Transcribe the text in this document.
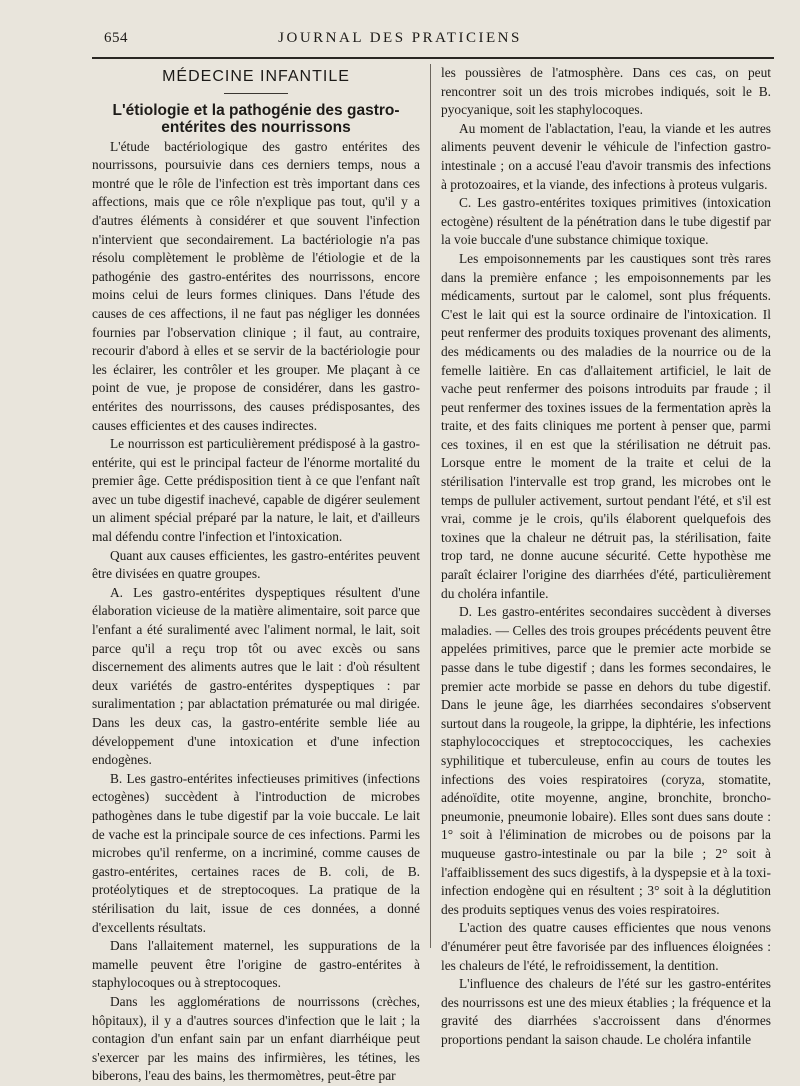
654	JOURNAL DES PRATICIENS
MÉDECINE INFANTILE
L'étiologie et la pathogénie des gastro-entérites des nourrissons

L'étude bactériologique des gastro entérites des nourrissons, poursuivie dans ces derniers temps, nous a montré que le rôle de l'infection est très important dans ces affections, mais que ce rôle n'explique pas tout, qu'il y a d'autres éléments à considérer et que souvent l'infection n'intervient que secondairement. La bactériologie n'a pas résolu complètement le problème de l'étiologie et de la pathogénie des gastro-entérites des nourrissons, encore moins celui de leurs formes cliniques. Dans l'étude des causes de ces affections, il ne faut pas négliger les données fournies par l'observation clinique ; il faut, au contraire, recourir d'abord à elles et se servir de la bactériologie pour les éclairer, les contrôler et les grouper. Me plaçant à ce point de vue, je propose de considérer, dans les gastro-entérites des nourrissons, des causes prédisposantes, des causes efficientes et des causes indirectes.

Le nourrisson est particulièrement prédisposé à la gastro-entérite, qui est le principal facteur de l'énorme mortalité du premier âge. Cette prédisposition tient à ce que l'enfant naît avec un tube digestif inachevé, capable de digérer seulement un aliment spécial préparé par la nature, le lait, et d'ailleurs mal défendu contre l'infection et l'intoxication.

Quant aux causes efficientes, les gastro-entérites peuvent être divisées en quatre groupes.

A. Les gastro-entérites dyspeptiques résultent d'une élaboration vicieuse de la matière alimentaire, soit parce que l'enfant a été suralimenté avec l'aliment normal, le lait, soit parce qu'il a reçu trop tôt ou avec excès ou sans discernement des aliments autres que le lait : d'où résultent deux variétés de gastro-entérites dyspeptiques : par suralimentation ; par ablactation prématurée ou mal dirigée. Dans les deux cas, la gastro-entérite semble liée au développement d'une intoxication et d'une infection endogènes.

B. Les gastro-entérites infectieuses primitives (infections ectogènes) succèdent à l'introduction de microbes pathogènes dans le tube digestif par la voie buccale. Le lait de vache est la principale source de ces infections. Parmi les microbes qu'il renferme, on a incriminé, comme causes de gastro-entérites, certaines races de B. coli, de B. protéolytiques et de streptocoques. La pratique de la stérilisation du lait, issue de ces données, a donné d'excellents résultats.

Dans l'allaitement maternel, les suppurations de la mamelle peuvent être l'origine de gastro-entérites à staphylocoques ou à streptocoques.

Dans les agglomérations de nourrissons (crèches, hôpitaux), il y a d'autres sources d'infection que le lait ; la contagion d'un enfant sain par un enfant diarrhéique peut s'exercer par les mains des infirmières, les tétines, les biberons, l'eau des bains, les thermomètres, peut-être par

les poussières de l'atmosphère. Dans ces cas, on peut rencontrer soit un des trois microbes indiqués, soit le B. pyocyanique, soit les staphylocoques.

Au moment de l'ablactation, l'eau, la viande et les autres aliments peuvent devenir le véhicule de l'infection gastro-intestinale ; on a accusé l'eau d'avoir transmis des infections à protozoaires, et la viande, des infections à proteus vulgaris.

C. Les gastro-entérites toxiques primitives (intoxication ectogène) résultent de la pénétration dans le tube digestif par la voie buccale d'une substance chimique toxique.

Les empoisonnements par les caustiques sont très rares dans la première enfance ; les empoisonnements par les médicaments, surtout par le calomel, sont plus fréquents. C'est le lait qui est la source ordinaire de l'intoxication. Il peut renfermer des produits toxiques provenant des aliments, des médicaments ou des maladies de la nourrice ou de la femelle laitière. En cas d'allaitement artificiel, le lait de vache peut renfermer des poisons introduits par fraude ; il peut renfermer des toxines issues de la fermentation après la traite, et des faits cliniques me portent à penser que, parmi ces toxines, il en est que la stérilisation ne détruit pas. Lorsque entre le moment de la traite et celui de la stérilisation l'intervalle est trop grand, les microbes ont le temps de pulluler activement, surtout pendant l'été, et s'il est vrai, comme je le crois, qu'ils élaborent quelquefois des toxines que la chaleur ne détruit pas, la stérilisation, faite trop tard, ne donne aucune sécurité. Cette hypothèse me paraît éclairer l'origine des diarrhées d'été, particulièrement du choléra infantile.

D. Les gastro-entérites secondaires succèdent à diverses maladies. — Celles des trois groupes précédents peuvent être appelées primitives, parce que le premier acte morbide se passe dans le tube digestif ; dans les formes secondaires, le premier acte morbide se passe en dehors du tube digestif. Dans le jeune âge, les diarrhées secondaires s'observent surtout dans la rougeole, la grippe, la diphtérie, les infections staphylococciques et streptococciques, les cachexies syphilitique et tuberculeuse, enfin au cours de toutes les infections des voies respiratoires (coryza, stomatite, adénoïdite, otite moyenne, angine, bronchite, broncho-pneumonie, pneumonie lobaire). Elles sont dues sans doute : 1° soit à l'élimination de microbes ou de poisons par la muqueuse gastro-intestinale ou par la bile ; 2° soit à l'affaiblissement des sucs digestifs, à la dyspepsie et à la toxi-infection endogène qui en résultent ; 3° soit à la déglutition des produits septiques venus des voies respiratoires.

L'action des quatre causes efficientes que nous venons d'énumérer peut être favorisée par des influences éloignées : les chaleurs de l'été, le refroidissement, la dentition.

L'influence des chaleurs de l'été sur les gastro-entérites des nourrissons est une des mieux établies ; la fréquence et la gravité des diarrhées s'accroissent dans d'énormes proportions pendant la saison chaude. Le choléra infantile
